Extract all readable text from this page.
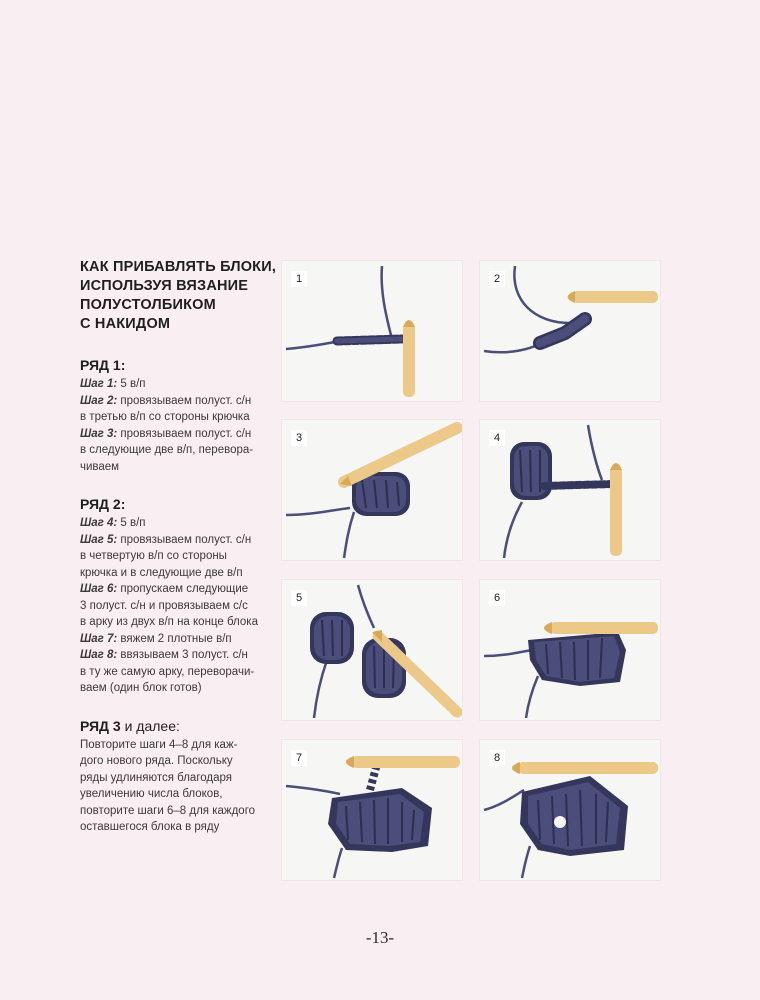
КАК ПРИБАВЛЯТЬ БЛОКИ,
ИСПОЛЬЗУЯ ВЯЗАНИЕ
ПОЛУСТОЛБИКОМ
С НАКИДОМ

РЯД 1:

Шаг 1: 5 в/п
Шаг 2: провязываем полуст. с/н
в третью в/п со стороны крючка
Шаг 3: провязываем полуст. с/н
в следующие две в/п, перевора-
чиваем

РЯД 2:

Шаг 4: 5 в/п
Шаг 5: провязываем полуст. с/н
в четвертую в/п со стороны
крючка и в следующие две в/п
Шаг 6: пропускаем следующие
3 полуст. с/н и провязываем с/с
в арку из двух в/п на конце блока
Шаг 7: вяжем 2 плотные в/п
Шаг 8: ввязываем 3 полуст. с/н
в ту же самую арку, переворачи-
ваем (один блок готов)

РЯД 3 и далее:

Повторите шаги 4–8 для каж-
дого нового ряда. Поскольку
ряды удлиняются благодаря
увеличению числа блоков,
повторите шаги 6–8 для каждого
оставшегося блока в ряду
1	2
3	4
5	6
7	8
-13-
